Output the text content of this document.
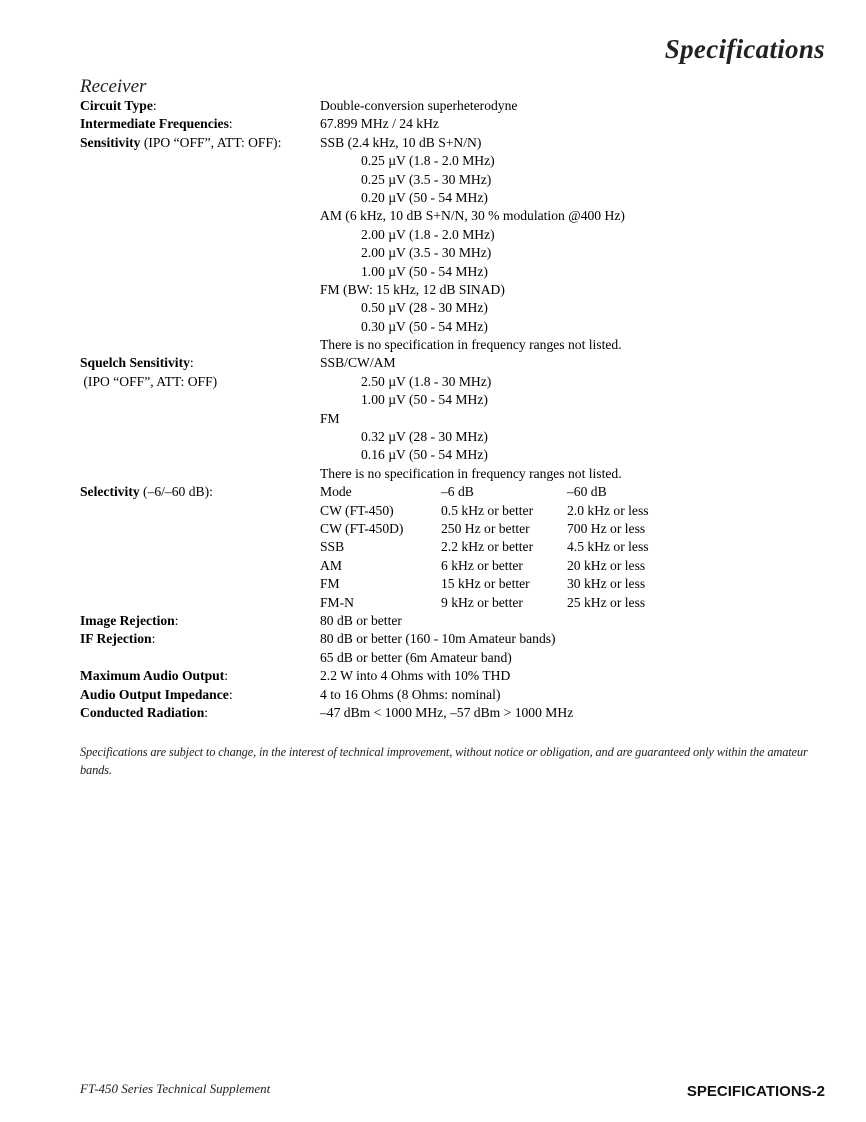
Specifications
Receiver
Circuit Type:	Double-conversion superheterodyne
Intermediate Frequencies:	67.899 MHz / 24 kHz
Sensitivity (IPO “OFF”, ATT: OFF):	SSB (2.4 kHz, 10 dB S+N/N)
0.25 µV (1.8 - 2.0 MHz)
0.25 µV (3.5 - 30 MHz)
0.20 µV (50 - 54 MHz)
AM (6 kHz, 10 dB S+N/N, 30 % modulation @400 Hz)
2.00 µV (1.8 - 2.0 MHz)
2.00 µV (3.5 - 30 MHz)
1.00 µV (50 - 54 MHz)
FM (BW: 15 kHz, 12 dB SINAD)
0.50 µV (28 - 30 MHz)
0.30 µV (50 - 54 MHz)
There is no specification in frequency ranges not listed.
Squelch Sensitivity:	SSB/CW/AM
(IPO “OFF”, ATT: OFF)	2.50 µV (1.8 - 30 MHz)
1.00 µV (50 - 54 MHz)
FM
0.32 µV (28 - 30 MHz)
0.16 µV (50 - 54 MHz)
There is no specification in frequency ranges not listed.
Selectivity (–6/–60 dB):	Mode	–6 dB	–60 dB
CW (FT-450)	0.5 kHz or better 2.0 kHz or less
CW (FT-450D)	250 Hz or better	700 Hz or less
SSB	2.2 kHz or better 4.5 kHz or less
AM	6 kHz or better	20 kHz or less
FM	15 kHz or better	30 kHz or less
FM-N	9 kHz or better	25 kHz or less
Image Rejection:	80 dB or better
IF Rejection:	80 dB or better (160 - 10m Amateur bands)
65 dB or better (6m Amateur band)
Maximum Audio Output:	2.2 W into 4 Ohms with 10% THD
Audio Output Impedance:	4 to 16 Ohms (8 Ohms: nominal)
Conducted Radiation:	–47 dBm < 1000 MHz, –57 dBm > 1000 MHz
Specifications are subject to change, in the interest of technical improvement, without notice or obligation, and are guaranteed only within the amateur bands.
FT-450 Series Technical Supplement	SPECIFICATIONS-2
